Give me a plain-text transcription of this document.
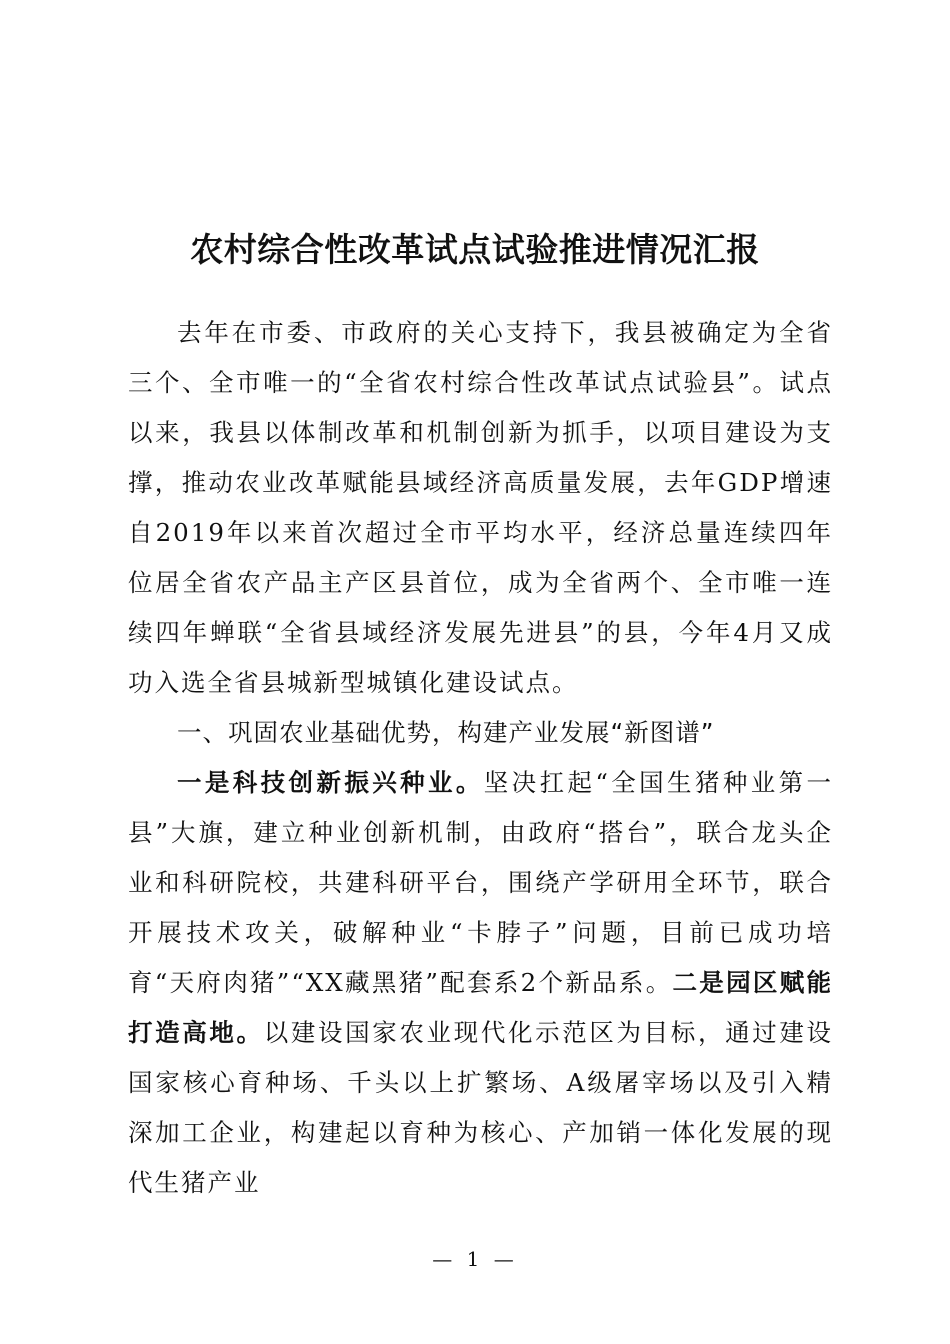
农村综合性改革试点试验推进情况汇报

去年在市委、市政府的关心支持下，我县被确定为全省三个、全市唯一的“全省农村综合性改革试点试验县”。试点以来，我县以体制改革和机制创新为抓手，以项目建设为支撑，推动农业改革赋能县域经济高质量发展，去年GDP增速自2019年以来首次超过全市平均水平，经济总量连续四年位居全省农产品主产区县首位，成为全省两个、全市唯一连续四年蝉联“全省县域经济发展先进县”的县，今年4月又成功入选全省县城新型城镇化建设试点。

一、巩固农业基础优势，构建产业发展“新图谱”

一是科技创新振兴种业。坚决扛起“全国生猪种业第一县”大旗，建立种业创新机制，由政府“搭台”，联合龙头企业和科研院校，共建科研平台，围绕产学研用全环节，联合开展技术攻关，破解种业“卡脖子”问题，目前已成功培育“天府肉猪”“XX藏黑猪”配套系2个新品系。二是园区赋能打造高地。以建设国家农业现代化示范区为目标，通过建设国家核心育种场、千头以上扩繁场、A级屠宰场以及引入精深加工企业，构建起以育种为核心、产加销一体化发展的现代生猪产业

— 1 —
